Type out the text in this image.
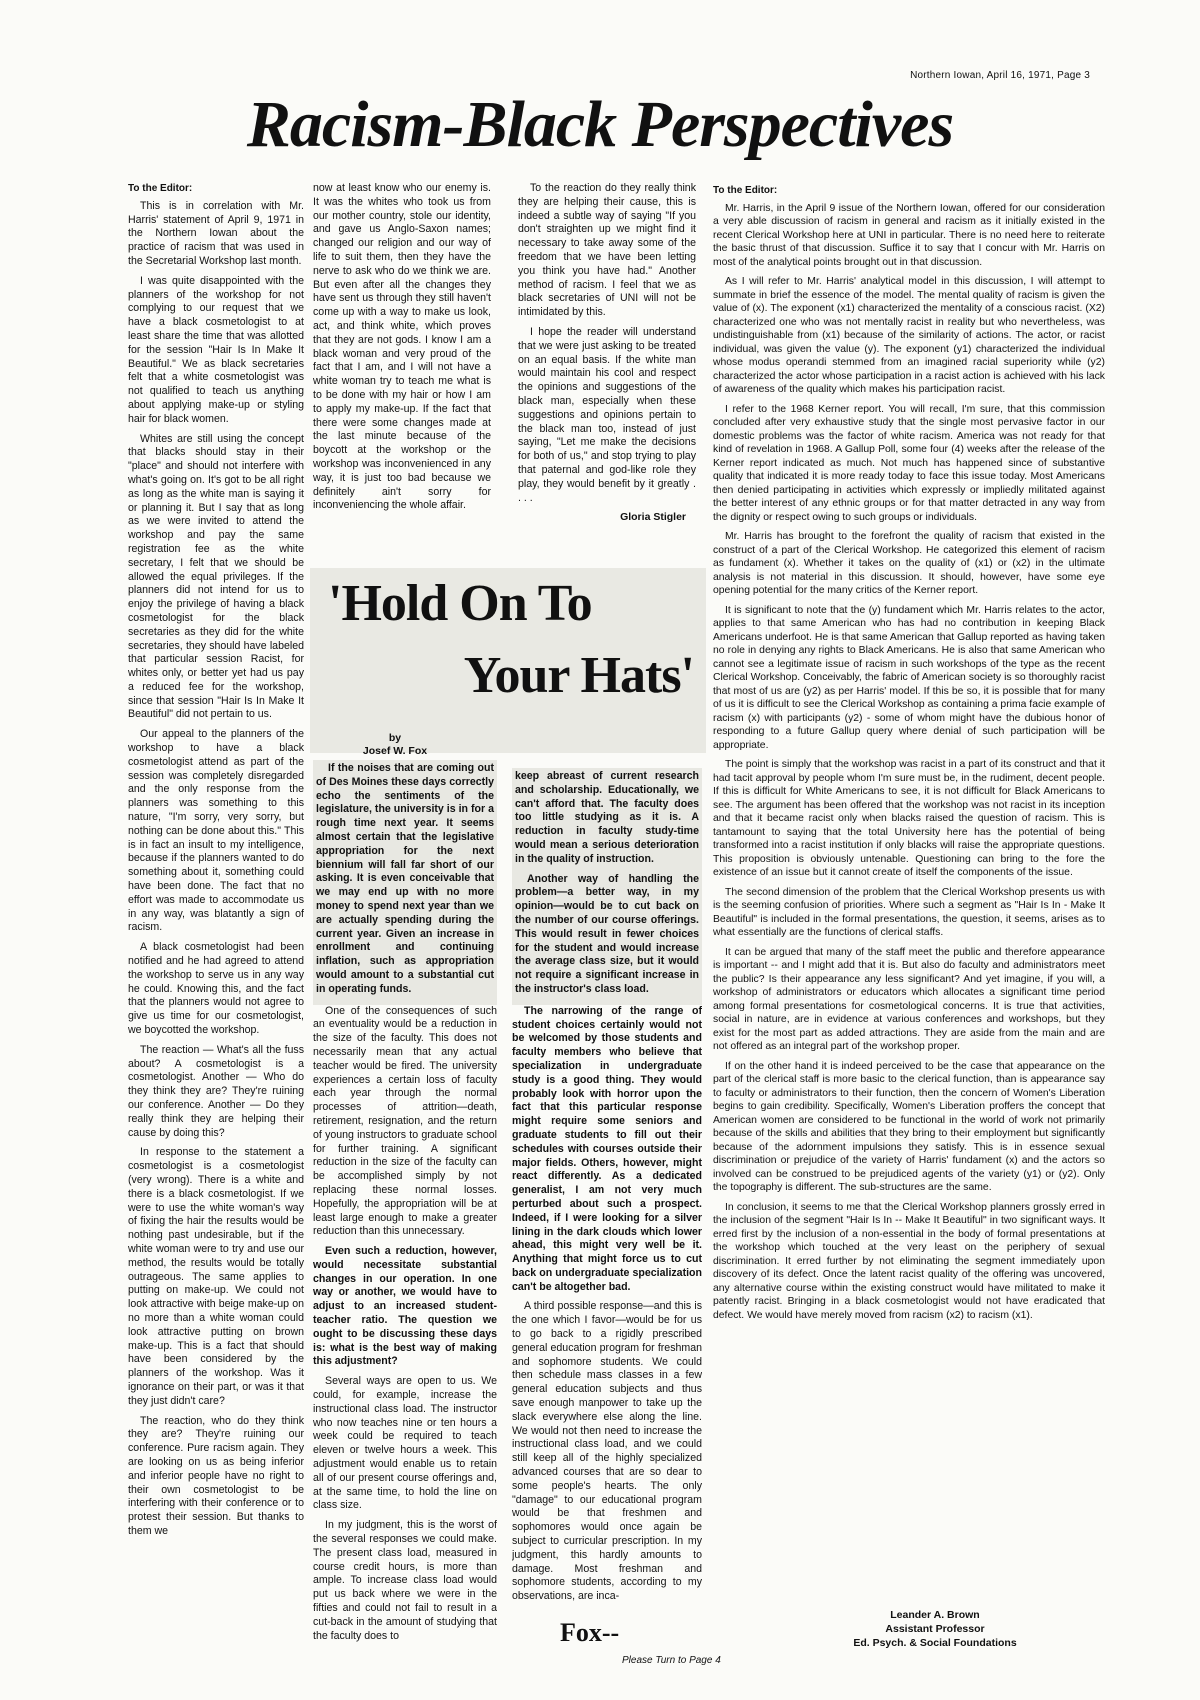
Northern Iowan, April 16, 1971, Page 3
Racism-Black Perspectives
To the Editor:

This is in correlation with Mr. Harris' statement of April 9, 1971 in the Northern Iowan about the practice of racism that was used in the Secretarial Workshop last month.

I was quite disappointed with the planners of the workshop for not complying to our request that we have a black cosmetologist to at least share the time that was allotted for the session "Hair Is In Make It Beautiful." We as black secretaries felt that a white cosmetologist was not qualified to teach us anything about applying make-up or styling hair for black women.

Whites are still using the concept that blacks should stay in their "place" and should not interfere with what's going on. It's got to be all right as long as the white man is saying it or planning it. But I say that as long as we were invited to attend the workshop and pay the same registration fee as the white secretary, I felt that we should be allowed the equal privileges. If the planners did not intend for us to enjoy the privilege of having a black cosmetologist for the black secretaries as they did for the white secretaries, they should have labeled that particular session Racist, for whites only, or better yet had us pay a reduced fee for the workshop, since that session "Hair Is In Make It Beautiful" did not pertain to us.

Our appeal to the planners of the workshop to have a black cosmetologist attend as part of the session was completely disregarded and the only response from the planners was something to this nature, "I'm sorry, very sorry, but nothing can be done about this." This is in fact an insult to my intelligence, because if the planners wanted to do something about it, something could have been done. The fact that no effort was made to accommodate us in any way, was blatantly a sign of racism.

A black cosmetologist had been notified and he had agreed to attend the workshop to serve us in any way he could. Knowing this, and the fact that the planners would not agree to give us time for our cosmetologist, we boycotted the workshop.

The reaction — What's all the fuss about? A cosmetologist is a cosmetologist. Another — Who do they think they are? They're ruining our conference. Another — Do they really think they are helping their cause by doing this?

In response to the statement a cosmetologist is a cosmetologist (very wrong). There is a white and there is a black cosmetologist. If we were to use the white woman's way of fixing the hair the results would be nothing past undesirable, but if the white woman were to try and use our method, the results would be totally outrageous. The same applies to putting on make-up. We could not look attractive with beige make-up on no more than a white woman could look attractive putting on brown make-up. This is a fact that should have been considered by the planners of the workshop. Was it ignorance on their part, or was it that they just didn't care?

The reaction, who do they think they are? They're ruining our conference. Pure racism again. They are looking on us as being inferior and inferior people have no right to their own cosmetologist to be interfering with their conference or to protest their session. But thanks to them we

now at least know who our enemy is. It was the whites who took us from our mother country, stole our identity, and gave us Anglo-Saxon names; changed our religion and our way of life to suit them, then they have the nerve to ask who do we think we are. But even after all the changes they have sent us through they still haven't come up with a way to make us look, act, and think white, which proves that they are not gods. I know I am a black woman and very proud of the fact that I am, and I will not have a white woman try to teach me what is to be done with my hair or how I am to apply my make-up. If the fact that there were some changes made at the last minute because of the boycott at the workshop or the workshop was inconvenienced in any way, it is just too bad because we definitely ain't sorry for inconveniencing the whole affair.

To the reaction do they really think they are helping their cause, this is indeed a subtle way of saying "If you don't straighten up we might find it necessary to take away some of the freedom that we have been letting you think you have had." Another method of racism. I feel that we as black secretaries of UNI will not be intimidated by this.

I hope the reader will understand that we were just asking to be treated on an equal basis. If the white man would maintain his cool and respect the opinions and suggestions of the black man, especially when these suggestions and opinions pertain to the black man too, instead of just saying, "Let me make the decisions for both of us," and stop trying to play that paternal and god-like role they play, they would benefit by it greatly . . . .

Gloria Stigler
'Hold On To
Your Hats'
by
Josef W. Fox

If the noises that are coming out of Des Moines these days correctly echo the sentiments of the legislature, the university is in for a rough time next year. It seems almost certain that the legislative appropriation for the next biennium will fall far short of our asking. It is even conceivable that we may end up with no more money to spend next year than we are actually spending during the current year. Given an increase in enrollment and continuing inflation, such as appropriation would amount to a substantial cut in operating funds.

One of the consequences of such an eventuality would be a reduction in the size of the faculty. This does not necessarily mean that any actual teacher would be fired. The university experiences a certain loss of faculty each year through the normal processes of attrition—death, retirement, resignation, and the return of young instructors to graduate school for further training. A significant reduction in the size of the faculty can be accomplished simply by not replacing these normal losses. Hopefully, the appropriation will be at least large enough to make a greater reduction than this unnecessary.

Even such a reduction, however, would necessitate substantial changes in our operation. In one way or another, we would have to adjust to an increased student-teacher ratio. The question we ought to be discussing these days is: what is the best way of making this adjustment?

Several ways are open to us. We could, for example, increase the instructional class load. The instructor who now teaches nine or ten hours a week could be required to teach eleven or twelve hours a week. This adjustment would enable us to retain all of our present course offerings and, at the same time, to hold the line on class size.

In my judgment, this is the worst of the several responses we could make. The present class load, measured in course credit hours, is more than ample. To increase class load would put us back where we were in the fifties and could not fail to result in a cut-back in the amount of studying that the faculty does to

keep abreast of current research and scholarship. Educationally, we can't afford that. The faculty does too little studying as it is. A reduction in faculty study-time would mean a serious deterioration in the quality of instruction.

Another way of handling the problem—a better way, in my opinion—would be to cut back on the number of our course offerings. This would result in fewer choices for the student and would increase the average class size, but it would not require a significant increase in the instructor's class load.

The narrowing of the range of student choices certainly would not be welcomed by those students and faculty members who believe that specialization in undergraduate study is a good thing. They would probably look with horror upon the fact that this particular response might require some seniors and graduate students to fill out their schedules with courses outside their major fields. Others, however, might react differently. As a dedicated generalist, I am not very much perturbed about such a prospect. Indeed, if I were looking for a silver lining in the dark clouds which lower ahead, this might very well be it. Anything that might force us to cut back on undergraduate specialization can't be altogether bad.

A third possible response—and this is the one which I favor—would be for us to go back to a rigidly prescribed general education program for freshman and sophomore students. We could then schedule mass classes in a few general education subjects and thus save enough manpower to take up the slack everywhere else along the line. We would not then need to increase the instructional class load, and we could still keep all of the highly specialized advanced courses that are so dear to some people's hearts. The only "damage" to our educational program would be that freshmen and sophomores would once again be subject to curricular prescription. In my judgment, this hardly amounts to damage. Most freshman and sophomore students, according to my observations, are inca-

Fox--
Please Turn to Page 4
To the Editor:

Mr. Harris, in the April 9 issue of the Northern Iowan, offered for our consideration a very able discussion of racism in general and racism as it initially existed in the recent Clerical Workshop here at UNI in particular. There is no need here to reiterate the basic thrust of that discussion. Suffice it to say that I concur with Mr. Harris on most of the analytical points brought out in that discussion.

As I will refer to Mr. Harris' analytical model in this discussion, I will attempt to summate in brief the essence of the model. The mental quality of racism is given the value of (x). The exponent (x1) characterized the mentality of a conscious racist. (X2) characterized one who was not mentally racist in reality but who nevertheless, was undistinguishable from (x1) because of the similarity of actions. The actor, or racist individual, was given the value (y). The exponent (y1) characterized the individual whose modus operandi stemmed from an imagined racial superiority while (y2) characterized the actor whose participation in a racist action is achieved with his lack of awareness of the quality which makes his participation racist.

I refer to the 1968 Kerner report. You will recall, I'm sure, that this commission concluded after very exhaustive study that the single most pervasive factor in our domestic problems was the factor of white racism. America was not ready for that kind of revelation in 1968. A Gallup Poll, some four (4) weeks after the release of the Kerner report indicated as much. Not much has happened since of substantive quality that indicated it is more ready today to face this issue today. Most Americans then denied participating in activities which expressly or impliedly militated against the better interest of any ethnic groups or for that matter detracted in any way from the dignity or respect owing to such groups or individuals.

Mr. Harris has brought to the forefront the quality of racism that existed in the construct of a part of the Clerical Workshop. He categorized this element of racism as fundament (x). Whether it takes on the quality of (x1) or (x2) in the ultimate analysis is not material in this discussion. It should, however, have some eye opening potential for the many critics of the Kerner report.

It is significant to note that the (y) fundament which Mr. Harris relates to the actor, applies to that same American who has had no contribution in keeping Black Americans underfoot. He is that same American that Gallup reported as having taken no role in denying any rights to Black Americans. He is also that same American who cannot see a legitimate issue of racism in such workshops of the type as the recent Clerical Workshop. Conceivably, the fabric of American society is so thoroughly racist that most of us are (y2) as per Harris' model. If this be so, it is possible that for many of us it is difficult to see the Clerical Workshop as containing a prima facie example of racism (x) with participants (y2) - some of whom might have the dubious honor of responding to a future Gallup query where denial of such participation will be appropriate.

The point is simply that the workshop was racist in a part of its construct and that it had tacit approval by people whom I'm sure must be, in the rudiment, decent people. If this is difficult for White Americans to see, it is not difficult for Black Americans to see. The argument has been offered that the workshop was not racist in its inception and that it became racist only when blacks raised the question of racism. This is tantamount to saying that the total University here has the potential of being transformed into a racist institution if only blacks will raise the appropriate questions. This proposition is obviously untenable. Questioning can bring to the fore the existence of an issue but it cannot create of itself the components of the issue.

The second dimension of the problem that the Clerical Workshop presents us with is the seeming confusion of priorities. Where such a segment as "Hair Is In - Make It Beautiful" is included in the formal presentations, the question, it seems, arises as to what essentially are the functions of clerical staffs.

It can be argued that many of the staff meet the public and therefore appearance is important -- and I might add that it is. But also do faculty and administrators meet the public? Is their appearance any less significant? And yet imagine, if you will, a workshop of administrators or educators which allocates a significant time period among formal presentations for cosmetological concerns. It is true that activities, social in nature, are in evidence at various conferences and workshops, but they exist for the most part as added attractions. They are aside from the main and are not offered as an integral part of the workshop proper.

If on the other hand it is indeed perceived to be the case that appearance on the part of the clerical staff is more basic to the clerical function, than is appearance say to faculty or administrators to their function, then the concern of Women's Liberation begins to gain credibility. Specifically, Women's Liberation proffers the concept that American women are considered to be functional in the world of work not primarily because of the skills and abilities that they bring to their employment but significantly because of the adornment impulsions they satisfy. This is in essence sexual discrimination or prejudice of the variety of Harris' fundament (x) and the actors so involved can be construed to be prejudiced agents of the variety (y1) or (y2). Only the topography is different. The sub-structures are the same.

In conclusion, it seems to me that the Clerical Workshop planners grossly erred in the inclusion of the segment "Hair Is In -- Make It Beautiful" in two significant ways. It erred first by the inclusion of a non-essential in the body of formal presentations at the workshop which touched at the very least on the periphery of sexual discrimination. It erred further by not eliminating the segment immediately upon discovery of its defect. Once the latent racist quality of the offering was uncovered, any alternative course within the existing construct would have militated to make it patently racist. Bringing in a black cosmetologist would not have eradicated that defect. We would have merely moved from racism (x2) to racism (x1).

Leander A. Brown
Assistant Professor
Ed. Psych. & Social Foundations
